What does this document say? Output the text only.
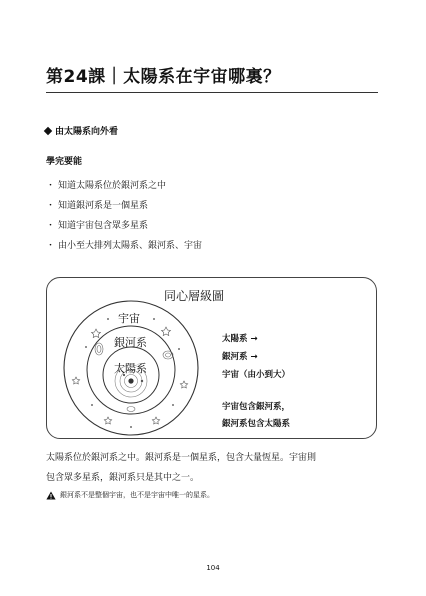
第24課｜太陽系在宇宙哪裏？
由太陽系向外看
學完要能
・ 知道太陽系位於銀河系之中
・ 知道銀河系是一個星系
・ 知道宇宙包含眾多星系
・ 由小至大排列太陽系、銀河系、宇宙
同心層級圖
宇宙
銀河系
太陽系
太陽系 →
銀河系 →
宇宙（由小到大）
宇宙包含銀河系，
銀河系包含太陽系
太陽系位於銀河系之中。銀河系是一個星系，包含大量恆星。宇宙則
包含眾多星系，銀河系只是其中之一。
銀河系不是整個宇宙，也不是宇宙中唯一的星系。
104
